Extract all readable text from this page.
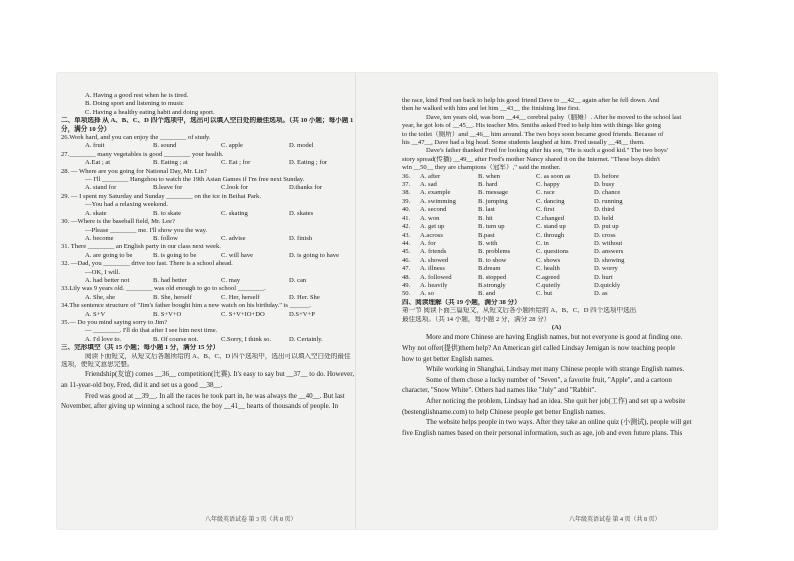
A. Having a good rest when he is tired.
B. Doing sport and listening to music
C. Having a healthy eating habit and doing sport.
二、单项选择 从 A、B、C、D 四个选项中，选出可以填入空白处的最佳选项。（共 10 小题；每小题 1 分，满分 10 分）
26.Work hard, and you can enjoy the ________ of study.
A. fruit	B. sound	C. apple	D. model
27.________ many vegetables is good ________ your health.
A.Eat ; at	B. Eating ; at	C. Eat ; for	D. Eating ; for
28. — Where are you going for National Day, Mr. Lin?
— I'll ________ Hangzhou to watch the 19th Asian Games if I'm free next Sunday.
A. stand for	B.leave for	C.look for	D.thanks for
29. — I spent my Saturday and Sunday ________ on the ice in Beihai Park.
—You had a relaxing weekend.
A. skate	B. to skate	C. skating	D. skates
30. —Where is the baseball field, Mr. Lee?
—Please ________ me. I'll show you the way.
A. become	B. follow	C. advise	D. finish
31. There ________ an English party in our class next week.
A. are going to be	B. is going to be	C. will have	D. is going to have
32. —Dad, you ________ drive too fast. There is a school ahead.
—OK, I will.
A. had better not	B. had better	C. may	D. can
33.Lily was 9 years old. ________ was old enough to go to school ________.
A. She, she	B. She, herself	C. Her, herself	D. Her. She
34.The sentence structure of "Jim's father bought him a new watch on his birthday." is ______.
A. S+V	B. S+V+O	C. S+V+IO+DO	D.S+V+P
35.— Do you mind saying sorry to Jim?
— ________. I'll do that after I see him next time.
A. I'd love to.	B. Of course not.	C.Sorry, I think so.	D. Certainly.
三、完形填空（共 15 小题；每小题 1 分，满分 15 分）
阅读下面短文，从短文后各题所给的 A、B、C、D 四个选项中，选出可以填入空白处的最佳
选项，使短文意思完整。
Friendship(友谊) comes __36__ competition(比赛). It's easy to say but __37__ to do. However,
an 11-year-old boy, Fred, did it and set us a good __38__.
Fred was good at __39__. In all the races he took part in, he was always the __40__. But last
November, after giving up winning a school race, the boy __41__ hearts of thousands of people. In
八年级英语试卷 第 3 页（共 8 页）
the race, kind Fred ran back to help his good friend Dave to __42__ again after he fell down. And
then he walked with him and let him __43__ the finishing line first.
Dave, ten years old, was born __44__ cerebral palsy（脑瘫）. After he moved to the school last
year, he got lots of __45__. His teacher Mrs. Smiths asked Fred to help him with things like going
to the toilet（厕所）and __46__ him around. The two boys soon became good friends. Because of
his __47__, Dave had a big head. Some students laughed at him. Fred usually __48__ them.
Dave's father thanked Fred for looking after his son, "He is such a good kid." The two boys'
story spread(传播) __49__ after Fred's mother Nancy shared it on the Internet. "These boys didn't
win __50__ they are champions（冠军）," said the mother.
36.	A. after	B. when	C. as soon as	D. before
37.	A. sad	B. hard	C. happy	D. busy
38.	A. example	B. message	C. race	D. chance
39.	A. swimming	B. jumping	C. dancing	D. running
40.	A. second	B. last	C. first	D. third
41.	A. won	B. hit	C.changed	D. held
42.	A. get up	B. turn up	C. stand up	D. put up
43.	A.across	B.past	C. through	D. cross
44.	A. for	B. with	C. in	D. without
45.	A. friends	B. problems	C. questions	D. answers
46.	A. showed	B. to show	C. shows	D. showing
47.	A. illness	B.dream	C. health	D. worry
48.	A. followed	B. stopped	C.agreed	D. hurt
49.	A. heavily	B.strongly	C.quietly	D.quickly
50.	A. so	B. and	C. but	D. as
四、阅读理解（共 19 小题，满分 38 分）
第一节 阅读下面三篇短文，从短文后各小题所给的 A、B、C、D 四个选项中选出
最佳选项。（共 14 小题，每小题 2 分，满分 28 分）
(A)
More and more Chinese are having English names, but not everyone is good at finding one.
Why not offer(提供)them help? An American girl called Lindsay Jemigan is now teaching people
how to get better English names.
While working in Shanghai, Lindsay met many Chinese people with strange English names.
Some of them chose a lucky number of "Seven", a favorite fruit, "Apple", and a cartoon
character, "Snow White". Others had names like "July" and "Rabbit".
After noticing the problem, Lindsay had an idea. She quit her job(工作) and set up a website
(bestenglishname.com) to help Chinese people get better English names.
The website helps people in two ways. After they take an online quiz (小测试), people will get
five English names based on their personal information, such as age, job and even future plans. This
八年级英语试卷 第 4 页（共 8 页）
